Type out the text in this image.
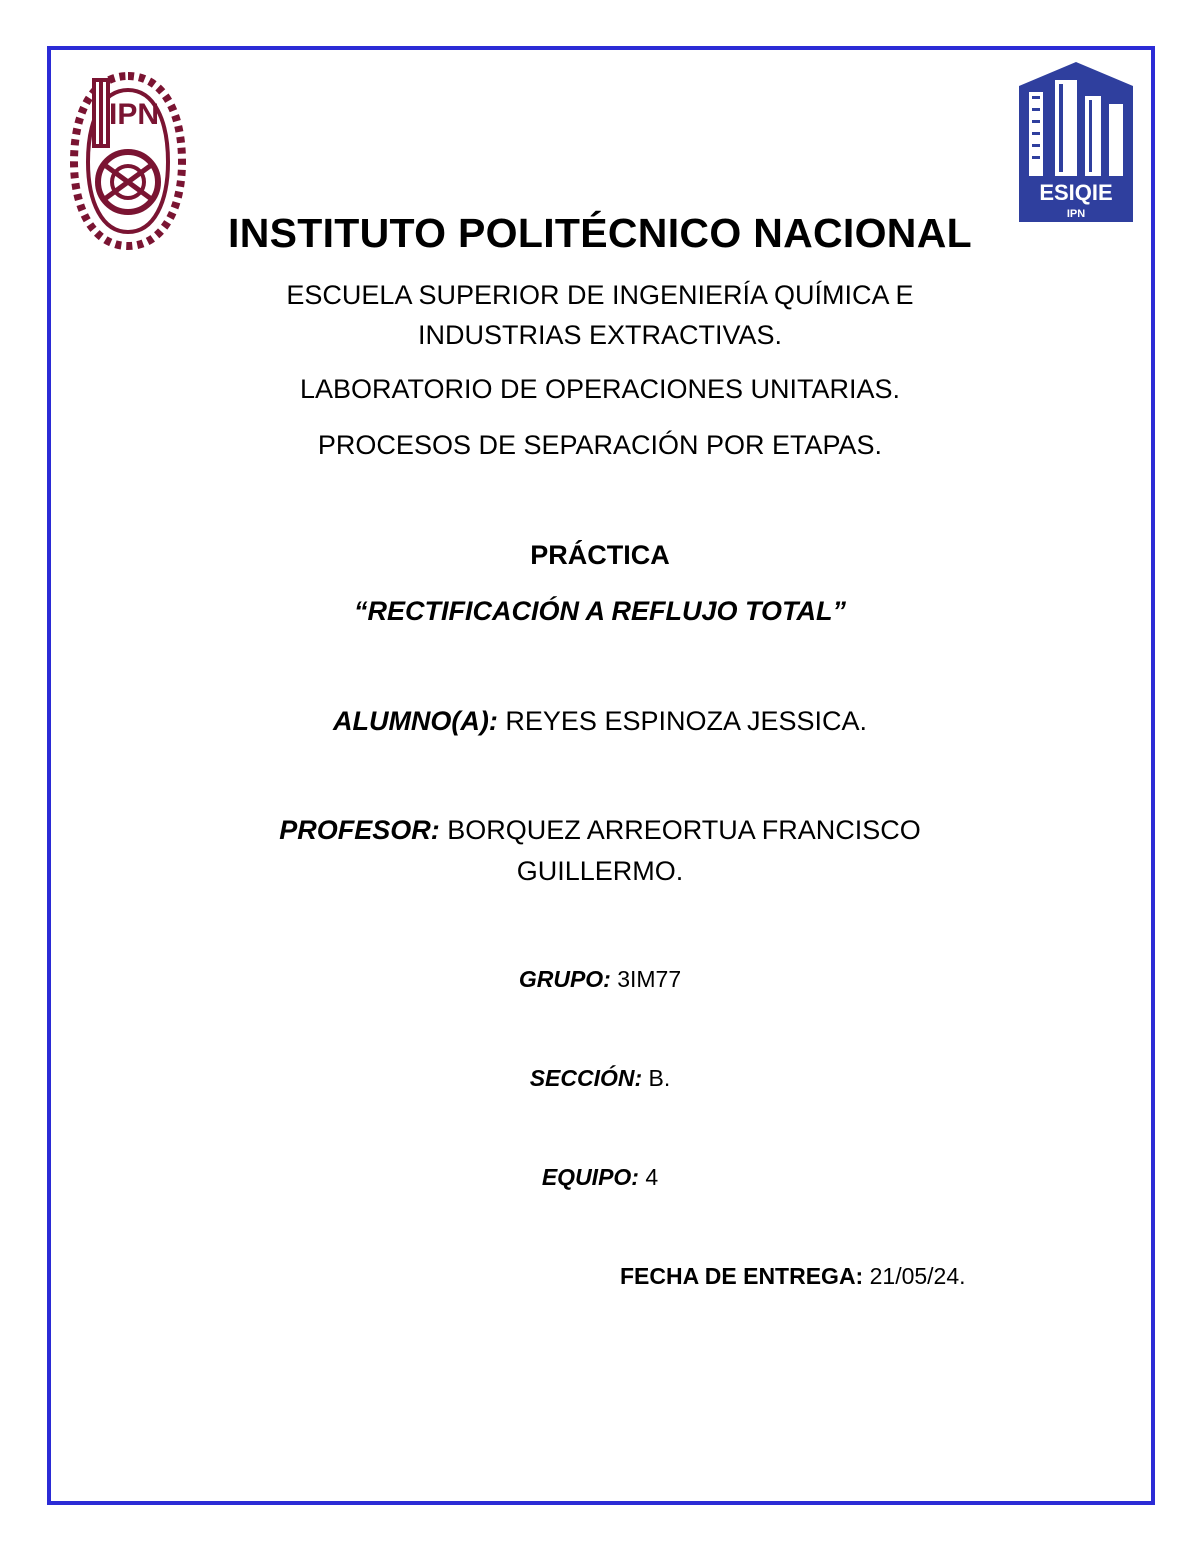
IPN
ESIQIE
IPN
INSTITUTO POLITÉCNICO NACIONAL
ESCUELA SUPERIOR DE INGENIERÍA QUÍMICA E
INDUSTRIAS EXTRACTIVAS.
LABORATORIO DE OPERACIONES UNITARIAS.
PROCESOS DE SEPARACIÓN POR ETAPAS.
PRÁCTICA
“RECTIFICACIÓN A REFLUJO TOTAL”
ALUMNO(A): REYES ESPINOZA JESSICA.
PROFESOR: BORQUEZ ARREORTUA FRANCISCO
GUILLERMO.
GRUPO: 3IM77
SECCIÓN: B.
EQUIPO: 4
FECHA DE ENTREGA: 21/05/24.
